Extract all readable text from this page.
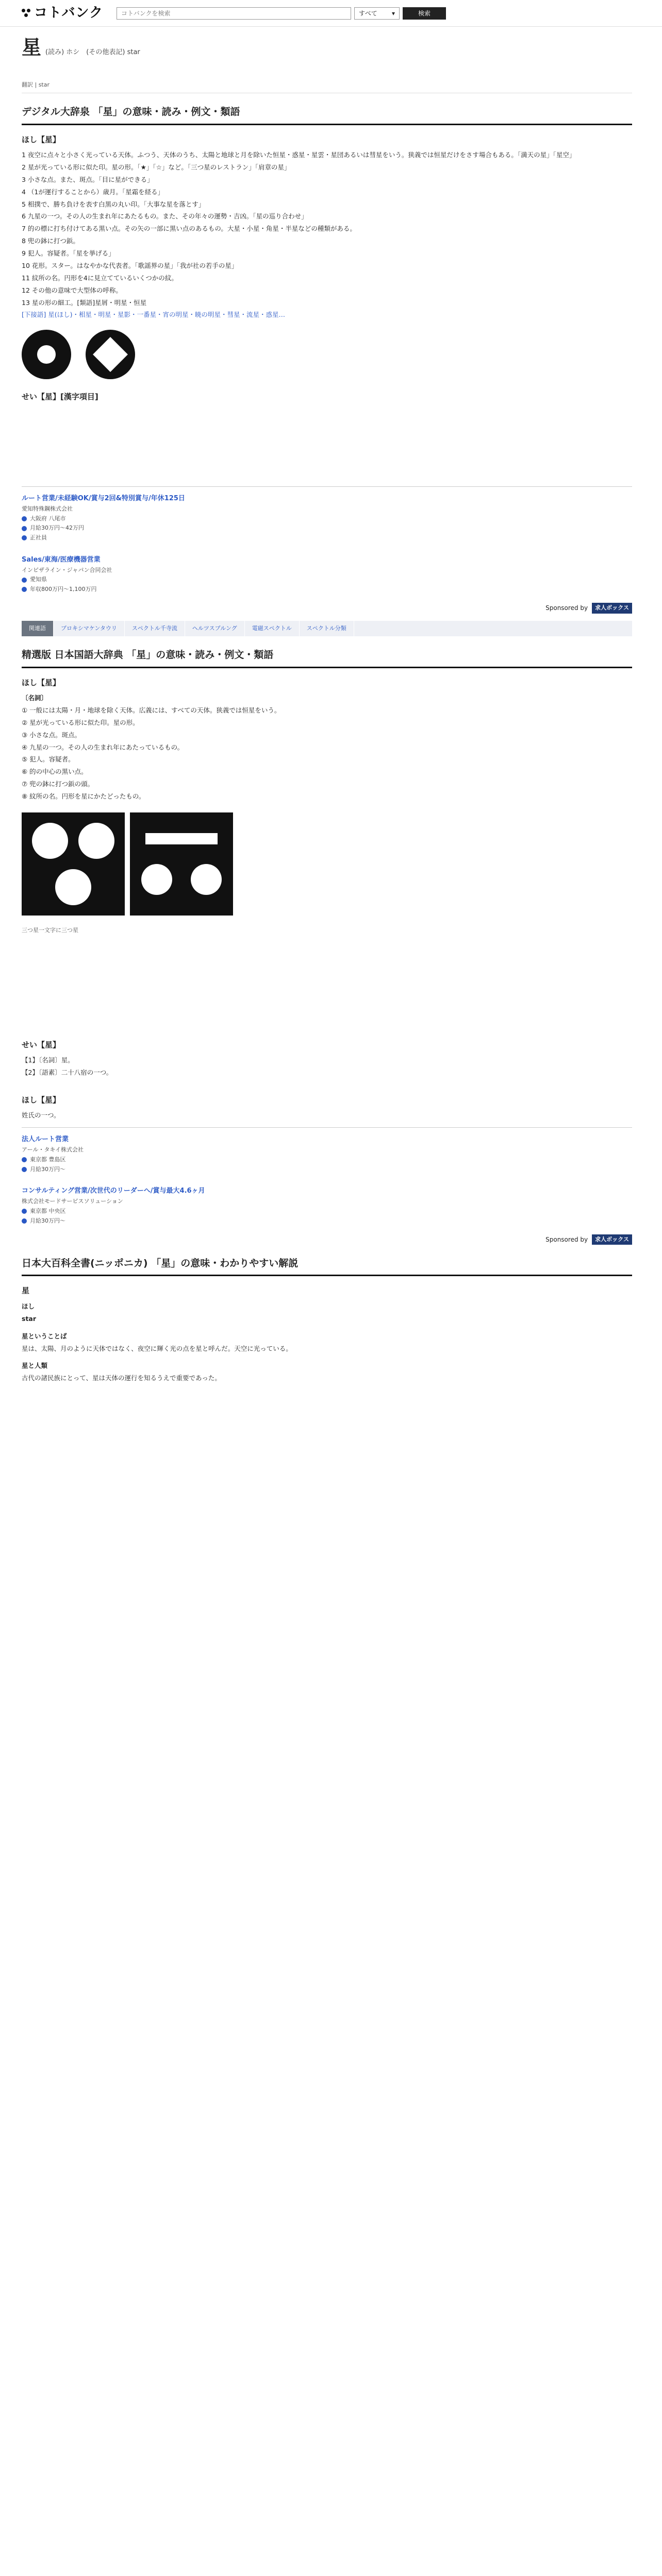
コトバンク
コトバンクを検索	すべて ▾	検索
星 (読み) ホシ　(その他表記) star
翻訳 | star
デジタル大辞泉 「星」の意味・読み・例文・類語
ほし【星】

1 夜空に点々と小さく光っている天体。ふつう、天体のうち、太陽と地球と月を除いた恒星・惑星・星雲・星団あるいは彗星をいう。狭義では恒星だけをさす場合もある。「満天の星」「星空」

2 星が光っている形に似た印。星の形。「★」「☆」など。「三つ星のレストラン」「肩章の星」

3 小さな点。また、斑点。「目に星ができる」

4 （1が運行することから）歳月。「星霜を経る」

5 相撲で、勝ち負けを表す白黒の丸い印。「大事な星を落とす」

6 九星の一つ。その人の生まれ年にあたるもの。また、その年々の運勢・吉凶。「星の巡り合わせ」

7 的の標に打ち付けてある黒い点。その矢の一部に黒い点のあるもの。大星・小星・角星・半星などの種類がある。

8 兜の鉢に打つ鋲。

9 犯人。容疑者。「星を挙げる」

10 花形。スター。はなやかな代表者。「歌謡界の星」「我が社の若手の星」

11 紋所の名。円形を4に見立てているいくつかの紋。

12 その他の意味で大型体の呼称。

13 星の形の細工。[類語]星屑・明星・恒星

[下接語] 星(ほし)・相星・明星・星影・一番星・宵の明星・暁の明星・彗星・流星・惑星…

せい【星】[漢字項目]
ルート営業/未経験OK/賞与2回&特別賞与/年休125日
愛知特殊鋼株式会社
大阪府 八尾市
月給30万円〜42万円
正社員
Sales/東海/医療機器営業
インビザライン・ジャパン合同会社
愛知県
年収800万円〜1,100万円
Sponsored by	求人ボックス
関連語	プロキシマケンタウリ	スペクトル千寺流	ヘルツスプルング	電磁スペクトル	スペクトル分類
精選版 日本国語大辞典 「星」の意味・読み・例文・類語
ほし【星】

〔名詞〕

① 一般には太陽・月・地球を除く天体。広義には、すべての天体。狭義では恒星をいう。

② 星が光っている形に似た印。星の形。

③ 小さな点。斑点。

④ 九星の一つ。その人の生まれ年にあたっているもの。

⑤ 犯人。容疑者。

⑥ 的の中心の黒い点。

⑦ 兜の鉢に打つ鋲の頭。

⑧ 紋所の名。円形を星にかたどったもの。

三つ星一文字に三つ星
せい【星】

【1】〔名詞〕星。

【2】〔語素〕二十八宿の一つ。

ほし【星】

姓氏の一つ。

法人ルート営業
アール・タキイ株式会社
東京都 豊島区
月給30万円〜
コンサルティング営業/次世代のリーダーへ/賞与最大4.6ヶ月
株式会社モードサービスソリューション
東京都 中央区
月給30万円〜
Sponsored by	求人ボックス
日本大百科全書(ニッポニカ) 「星」の意味・わかりやすい解説
星

ほし

star

星ということば

星は、太陽、月のように天体ではなく、夜空に輝く光の点を星と呼んだ。天空に光っている。

星と人類

古代の諸民族にとって、星は天体の運行を知るうえで重要であった。
